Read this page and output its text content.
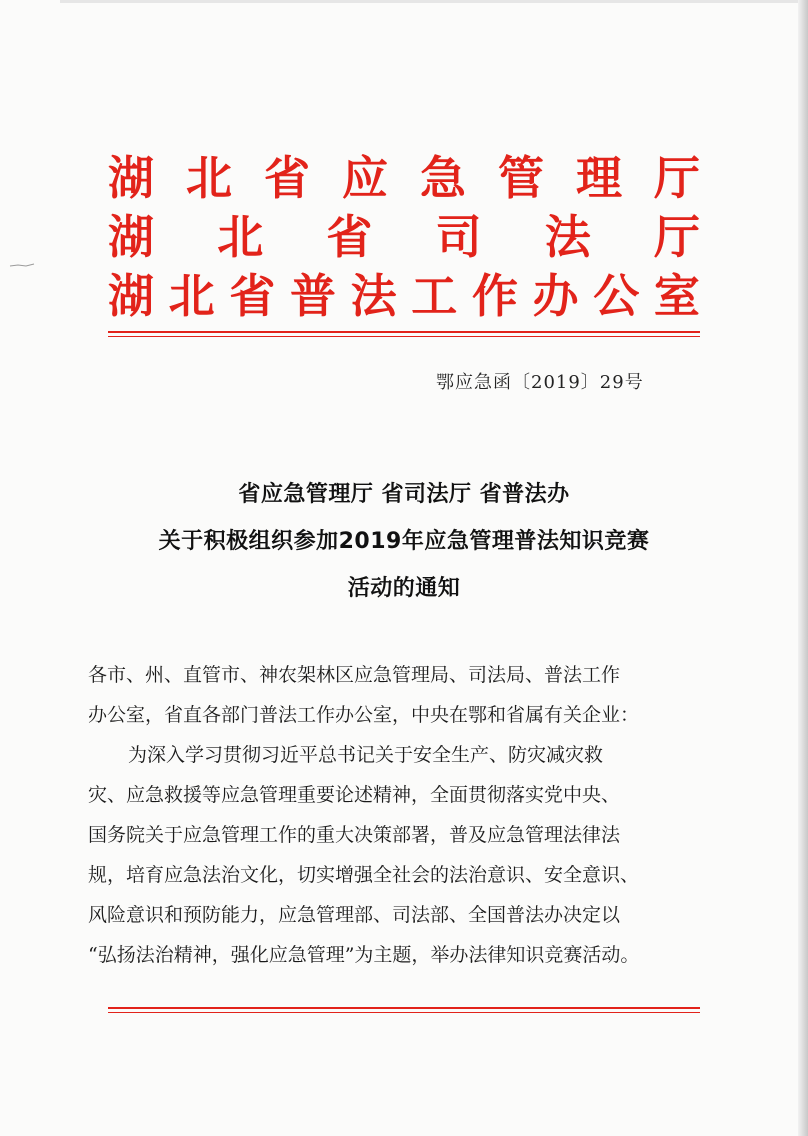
湖 北 省 应 急 管 理 厅
湖 北 省 司 法 厅
湖 北 省 普 法 工 作 办 公 室
鄂应急函〔2019〕29号
省应急管理厅 省司法厅 省普法办
关于积极组织参加2019年应急管理普法知识竞赛
活动的通知
各市、州、直管市、神农架林区应急管理局、司法局、普法工作
办公室，省直各部门普法工作办公室，中央在鄂和省属有关企业：
为深入学习贯彻习近平总书记关于安全生产、防灾减灾救
灾、应急救援等应急管理重要论述精神，全面贯彻落实党中央、
国务院关于应急管理工作的重大决策部署，普及应急管理法律法
规，培育应急法治文化，切实增强全社会的法治意识、安全意识、
风险意识和预防能力，应急管理部、司法部、全国普法办决定以
“弘扬法治精神，强化应急管理”为主题，举办法律知识竞赛活动。
